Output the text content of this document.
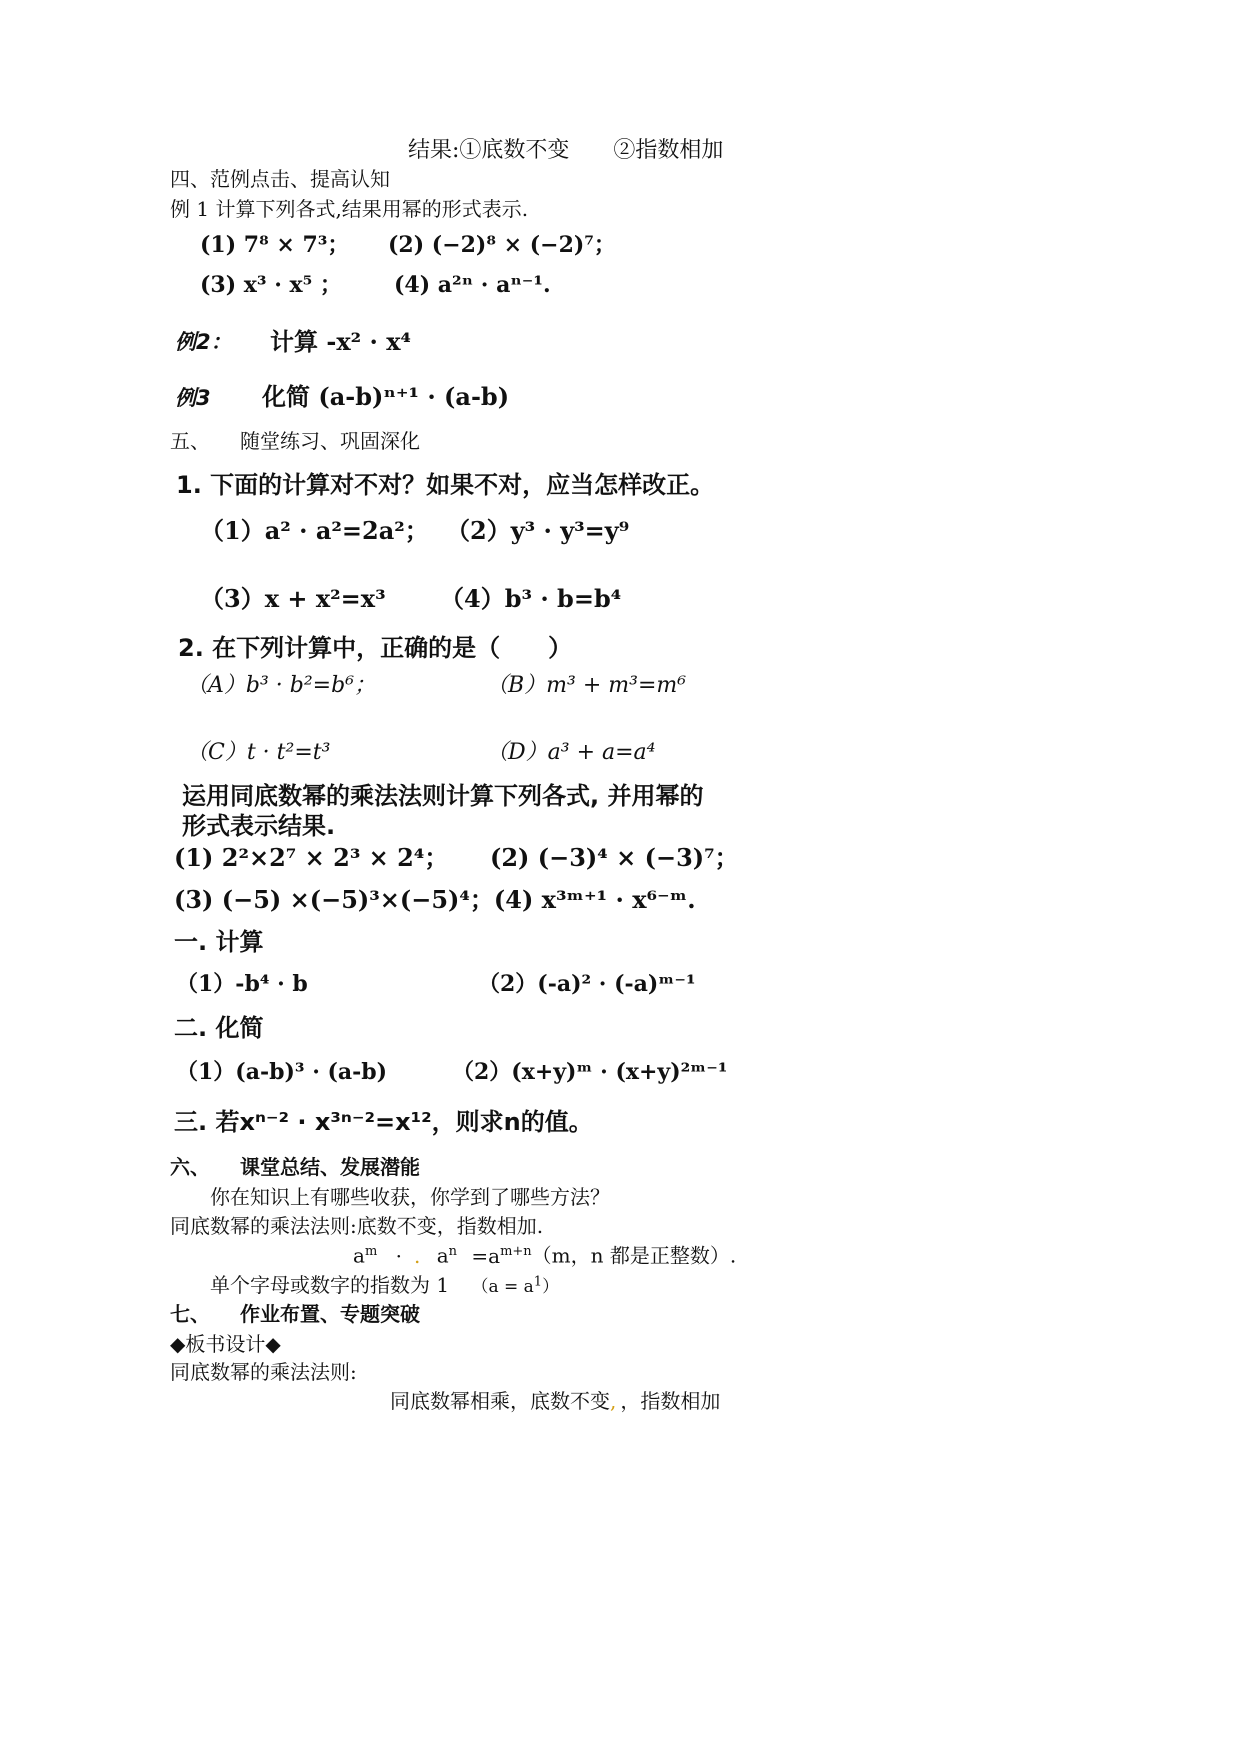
结果:①底数不变　　②指数相加
四、范例点击、提高认知
例 1 计算下列各式,结果用幂的形式表示.
(1) 7⁸ × 7³； (2) (−2)⁸ × (−2)⁷；
(3) x³ · x⁵ ； (4) a²ⁿ · aⁿ⁻¹.
例2： 计算 -x² · x⁴
例3 化简 (a-b)ⁿ⁺¹ · (a-b)
五、　　随堂练习、巩固深化
1. 下面的计算对不对？如果不对，应当怎样改正。
（1）a² · a²=2a²； （2）y³ · y³=y⁹
（3）x + x²=x³ （4）b³ · b=b⁴
2. 在下列计算中，正确的是（　　）
（A）b³ · b²=b⁶；	（B）m³ + m³=m⁶
（C）t · t²=t³	（D）a³ + a=a⁴
运用同底数幂的乘法法则计算下列各式, 并用幂的
形式表示结果.
(1) 2²×2⁷ × 2³ × 2⁴； (2) (−3)⁴ × (−3)⁷；
(3) (−5) ×(−5)³×(−5)⁴；(4) x³ᵐ⁺¹ · x⁶⁻ᵐ.
一. 计算
（1）-b⁴ · b	（2）(-a)² · (-a)ᵐ⁻¹
二. 化简
（1）(a-b)³ · (a-b)	（2）(x+y)ᵐ · (x+y)²ᵐ⁻¹
三. 若xⁿ⁻² · x³ⁿ⁻²=x¹²，则求n的值。
六、　　课堂总结、发展潜能
你在知识上有哪些收获，你学到了哪些方法？
同底数幂的乘法法则:底数不变，指数相加.
$a^m$ · . $a^n =a^{m+n}(m$，n 都是正整数）.
单个字母或数字的指数为 1 $(a = a^1)$
七、　　作业布置、专题突破
◆板书设计◆
同底数幂的乘法法则:
同底数幂相乘，底数不变, ，指数相加
